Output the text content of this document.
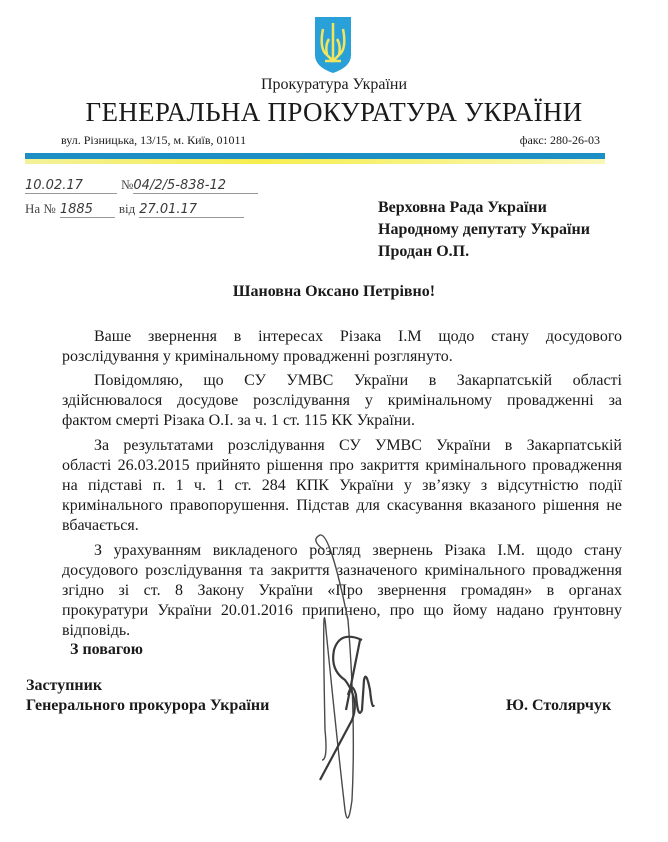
Прокуратура України
ГЕНЕРАЛЬНА ПРОКУРАТУРА УКРАЇНИ
вул. Різницька, 13/15, м. Київ, 01011	факс: 280-26-03
10.02.17	№04/2/5-838-12
На № 1885 від 27.01.17	Верховна Рада України
Народному депутату України
Продан О.П.
Шановна Оксано Петрівно!
Ваше звернення в інтересах Різака І.М щодо стану досудового
розслідування у кримінальному провадженні розглянуто.
Повідомляю, що СУ УМВС України в Закарпатській області
здійснювалося досудове розслідування у кримінальному провадженні за
фактом смерті Різака О.І. за ч. 1 ст. 115 КК України.
За результатами розслідування СУ УМВС України в Закарпатській
області 26.03.2015 прийнято рішення про закриття кримінального провадження
на підставі п. 1 ч. 1 ст. 284 КПК України у зв’язку з відсутністю події
кримінального правопорушення. Підстав для скасування вказаного рішення не
вбачається.
З урахуванням викладеного розгляд звернень Різака І.М. щодо стану
досудового розслідування та закриття зазначеного кримінального провадження
згідно зі ст. 8 Закону України «Про звернення громадян» в органах
прокуратури України 20.01.2016 припинено, про що йому надано ґрунтовну
відповідь.
З повагою
Заступник
Генерального прокурора України	Ю. Столярчук
